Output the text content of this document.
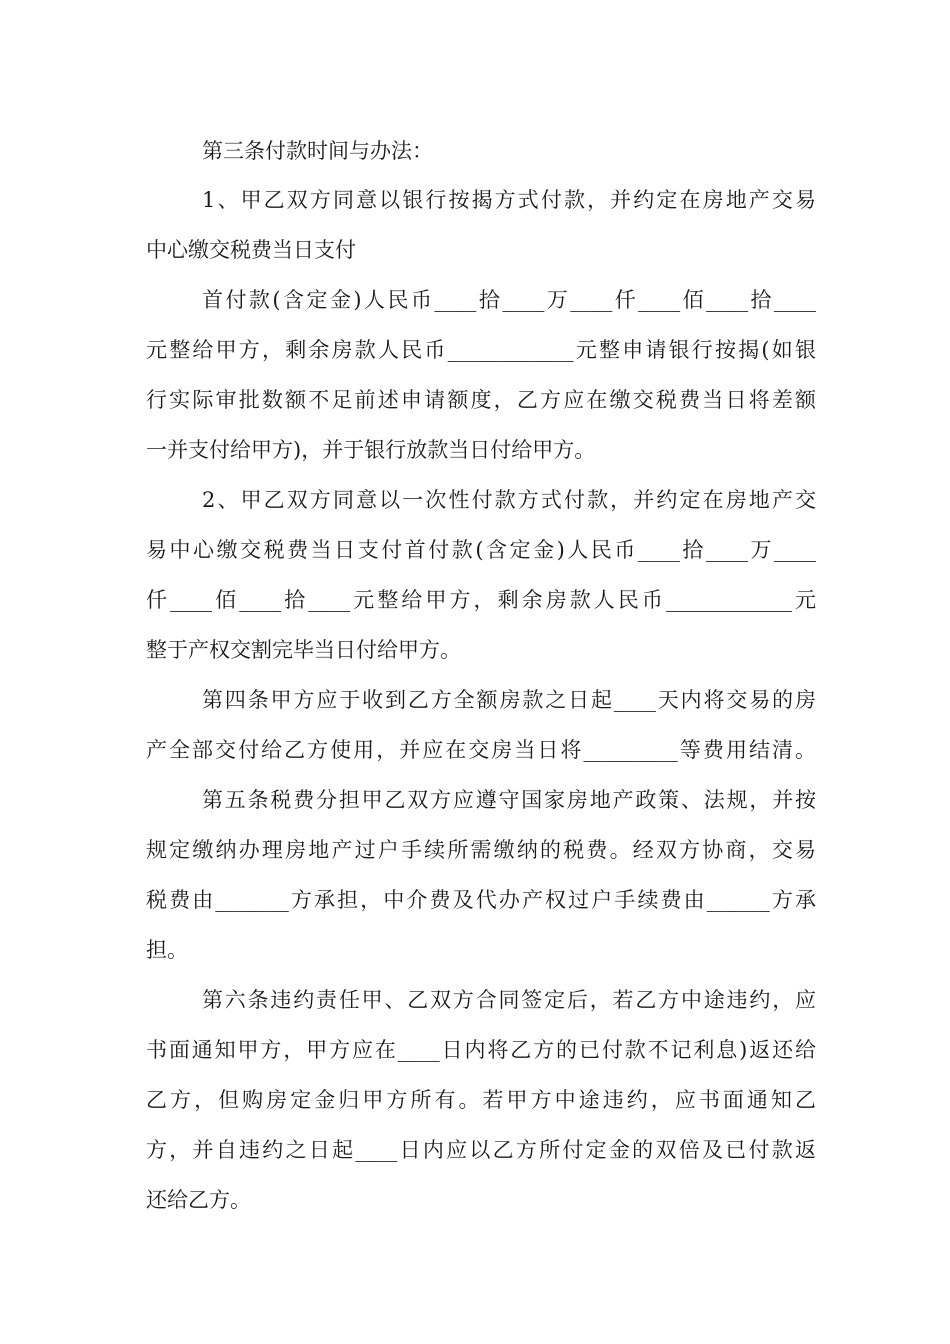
第三条付款时间与办法：
1、甲乙双方同意以银行按揭方式付款，并约定在房地产交易
中心缴交税费当日支付
首付款(含定金)人民币____拾____万____仟____佰____拾____
元整给甲方，剩余房款人民币____________元整申请银行按揭(如银
行实际审批数额不足前述申请额度，乙方应在缴交税费当日将差额
一并支付给甲方)，并于银行放款当日付给甲方。
2、甲乙双方同意以一次性付款方式付款，并约定在房地产交
易中心缴交税费当日支付首付款(含定金)人民币____拾____万____
仟____佰____拾____元整给甲方，剩余房款人民币____________元
整于产权交割完毕当日付给甲方。
第四条甲方应于收到乙方全额房款之日起____天内将交易的房
产全部交付给乙方使用，并应在交房当日将_________等费用结清。
第五条税费分担甲乙双方应遵守国家房地产政策、法规，并按
规定缴纳办理房地产过户手续所需缴纳的税费。经双方协商，交易
税费由_______方承担，中介费及代办产权过户手续费由______方承
担。
第六条违约责任甲、乙双方合同签定后，若乙方中途违约，应
书面通知甲方，甲方应在____日内将乙方的已付款不记利息)返还给
乙方，但购房定金归甲方所有。若甲方中途违约，应书面通知乙
方，并自违约之日起____日内应以乙方所付定金的双倍及已付款返
还给乙方。
